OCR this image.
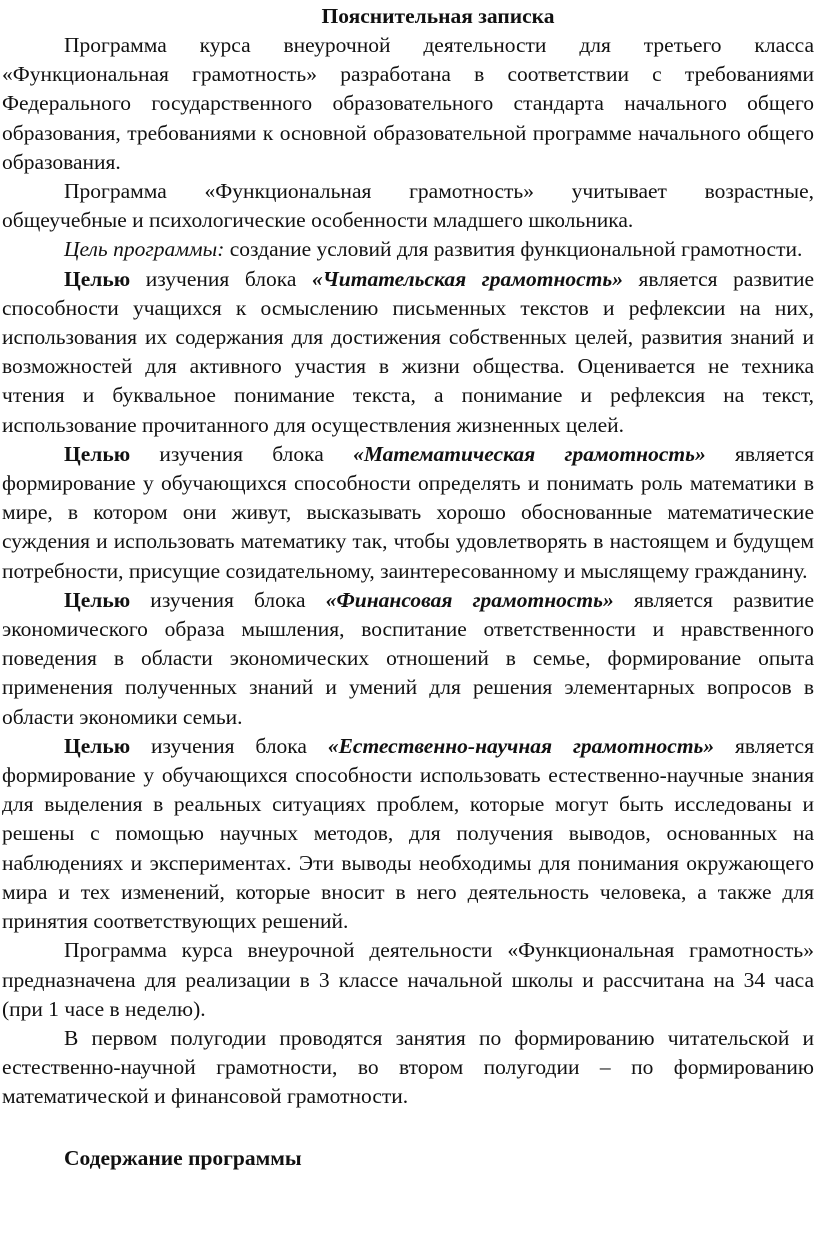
Пояснительная записка

Программа курса внеурочной деятельности для третьего класса «Функциональная грамотность» разработана в соответствии с требованиями Федерального государственного образовательного стандарта начального общего образования, требованиями к основной образовательной программе начального общего образования.

Программа «Функциональная грамотность» учитывает возрастные, общеучебные и психологические особенности младшего школьника.

Цель программы: создание условий для развития функциональной грамотности.

Целью изучения блока «Читательская грамотность» является развитие способности учащихся к осмыслению письменных текстов и рефлексии на них, использования их содержания для достижения собственных целей, развития знаний и возможностей для активного участия в жизни общества. Оценивается не техника чтения и буквальное понимание текста, а понимание и рефлексия на текст, использование прочитанного для осуществления жизненных целей.

Целью изучения блока «Математическая грамотность» является формирование у обучающихся способности определять и понимать роль математики в мире, в котором они живут, высказывать хорошо обоснованные математические суждения и использовать математику так, чтобы удовлетворять в настоящем и будущем потребности, присущие созидательному, заинтересованному и мыслящему гражданину.

Целью изучения блока «Финансовая грамотность» является развитие экономического образа мышления, воспитание ответственности и нравственного поведения в области экономических отношений в семье, формирование опыта применения полученных знаний и умений для решения элементарных вопросов в области экономики семьи.

Целью изучения блока «Естественно-научная грамотность» является формирование у обучающихся способности использовать естественно-научные знания для выделения в реальных ситуациях проблем, которые могут быть исследованы и решены с помощью научных методов, для получения выводов, основанных на наблюдениях и экспериментах. Эти выводы необходимы для понимания окружающего мира и тех изменений, которые вносит в него деятельность человека, а также для принятия соответствующих решений.

Программа курса внеурочной деятельности «Функциональная грамотность» предназначена для реализации в 3 классе начальной школы и рассчитана на 34 часа (при 1 часе в неделю).

В первом полугодии проводятся занятия по формированию читательской и естественно-научной грамотности, во втором полугодии – по формированию математической и финансовой грамотности.

Содержание программы
